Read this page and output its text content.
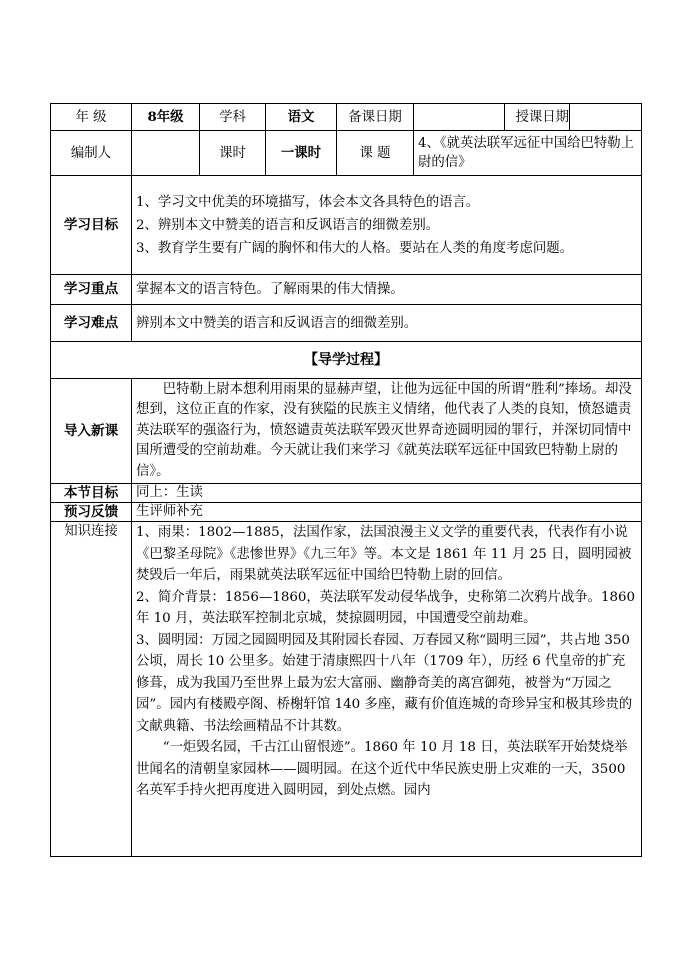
年 级	8年级	学科	语文	备课日期		授课日期	
编制人		课时	一课时	课 题	4、《就英法联军远征中国给巴特勒上尉的信》		
学习目标	1、学习文中优美的环境描写，体会本文各具特色的语言。

2、辨别本文中赞美的语言和反讽语言的细微差别。

3、教育学生要有广阔的胸怀和伟大的人格。要站在人类的角度考虑问题。						

学习重点	掌握本文的语言特色。了解雨果的伟大情操。						
学习难点	辨别本文中赞美的语言和反讽语言的细微差别。						
【导学过程】							
导入新课	巴特勒上尉本想利用雨果的显赫声望，让他为远征中国的所谓“胜利”捧场。却没想到，这位正直的作家，没有狭隘的民族主义情绪，他代表了人类的良知，愤怒谴责英法联军的强盗行为，愤怒谴责英法联军毁灭世界奇迹圆明园的罪行，并深切同情中国所遭受的空前劫难。今天就让我们来学习《就英法联军远征中国致巴特勒上尉的信》。						
本节目标	同上：生读						
预习反馈	生评师补充						
知识连接	1、雨果：1802—1885，法国作家，法国浪漫主义文学的重要代表，代表作有小说《巴黎圣母院》《悲惨世界》《九三年》等。本文是 1861 年 11 月 25 日，圆明园被焚毁后一年后，雨果就英法联军远征中国给巴特勒上尉的回信。

2、简介背景：1856—1860，英法联军发动侵华战争，史称第二次鸦片战争。1860 年 10 月，英法联军控制北京城，焚掠圆明园，中国遭受空前劫难。

3、圆明园：万园之园圆明园及其附园长春园、万春园又称“圆明三园”，共占地 350 公顷，周长 10 公里多。始建于清康熙四十八年（1709 年），历经 6 代皇帝的扩充修葺，成为我国乃至世界上最为宏大富丽、幽静奇美的离宫御苑，被誉为“万园之园”。园内有楼殿亭阁、桥榭轩馆 140 多座，藏有价值连城的奇珍异宝和极其珍贵的文献典籍、书法绘画精品不计其数。

“一炬毁名园，千古江山留恨迹”。1860 年 10 月 18 日，英法联军开始焚烧举世闻名的清朝皇家园林——圆明园。在这个近代中华民族史册上灾难的一天，3500 名英军手持火把再度进入圆明园，到处点燃。园内						
